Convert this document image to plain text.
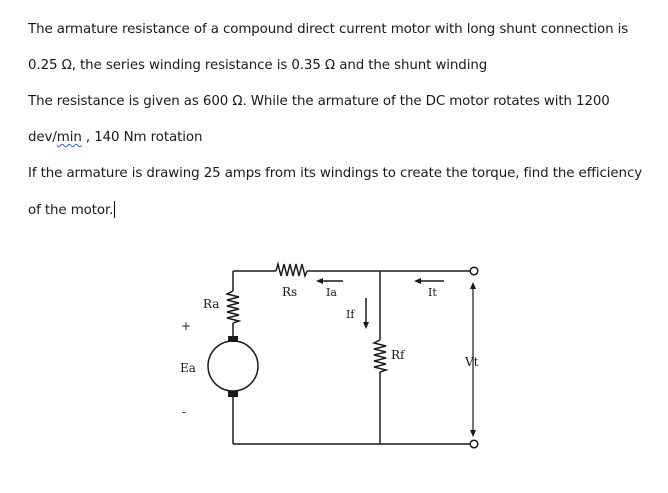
The armature resistance of a compound direct current motor with long shunt connection is
0.25 Ω, the series winding resistance is 0.35 Ω and the shunt winding
The resistance is given as 600 Ω. While the armature of the DC motor rotates with 1200
dev/min , 140 Nm rotation
If the armature is drawing 25 amps from its windings to create the torque, find the efficiency
of the motor.
Rs	Ia	It
Ra
If
Rf	Vt
Ea
+
-
